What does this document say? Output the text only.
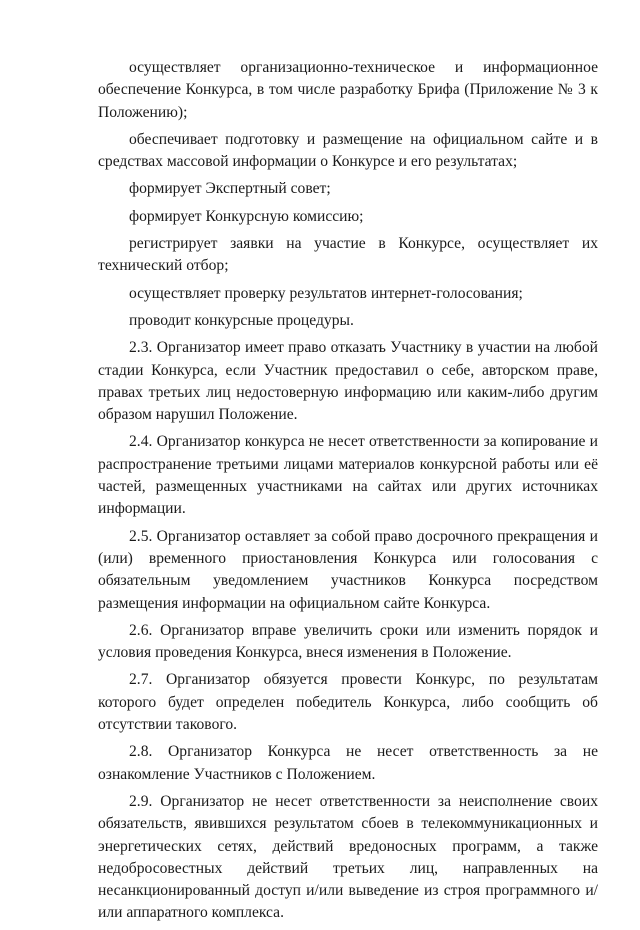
осуществляет организационно-техническое и информационное обеспечение Конкурса, в том числе разработку Брифа (Приложение № 3 к Положению);

обеспечивает подготовку и размещение на официальном сайте и в средствах массовой информации о Конкурсе и его результатах;

формирует Экспертный совет;

формирует Конкурсную комиссию;

регистрирует заявки на участие в Конкурсе, осуществляет их технический отбор;

осуществляет проверку результатов интернет-голосования;

проводит конкурсные процедуры.

2.3. Организатор имеет право отказать Участнику в участии на любой стадии Конкурса, если Участник предоставил о себе, авторском праве, правах третьих лиц недостоверную информацию или каким-либо другим образом нарушил Положение.

2.4. Организатор конкурса не несет ответственности за копирование и распространение третьими лицами материалов конкурсной работы или её частей, размещенных участниками на сайтах или других источниках информации.

2.5. Организатор оставляет за собой право досрочного прекращения и (или) временного приостановления Конкурса или голосования с обязательным уведомлением участников Конкурса посредством размещения информации на официальном сайте Конкурса.

2.6. Организатор вправе увеличить сроки или изменить порядок и условия проведения Конкурса, внеся изменения в Положение.

2.7. Организатор обязуется провести Конкурс, по результатам которого будет определен победитель Конкурса, либо сообщить об отсутствии такового.

2.8. Организатор Конкурса не несет ответственность за не ознакомление Участников с Положением.

2.9. Организатор не несет ответственности за неисполнение своих обязательств, явившихся результатом сбоев в телекоммуникационных и энергетических сетях, действий вредоносных программ, а также недобросовестных действий третьих лиц, направленных на несанкционированный доступ и/или выведение из строя программного и/или аппаратного комплекса.
